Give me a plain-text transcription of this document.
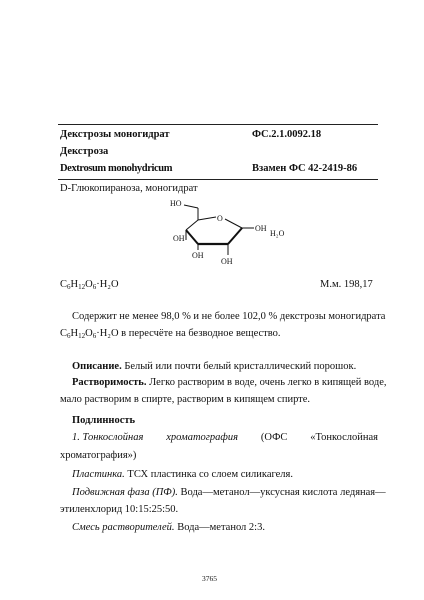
Декстрозы моногидрат	ФС.2.1.0092.18
Декстроза
Dextrosum monohydricum	Взамен ФС 42-2419-86
D-Глюкопираноза, моногидрат
HO
O
OH
OH
OH
OH
H₂O
$C_6H_{12}O_6\cdot H_2O$	М.м. 198,17
Содержит не менее 98,0 % и не более 102,0 % декстрозы моногидрата
$C_6H_{12}O_6\cdot H_2O$ в пересчёте на безводное вещество.
Описание. Белый или почти белый кристаллический порошок.
Растворимость. Легко растворим в воде, очень легко в кипящей воде,
мало растворим в спирте, растворим в кипящем спирте.
Подлинность
1. Тонкослойная хроматография (ОФС «Тонкослойная
хроматография»)
Пластинка. ТСХ пластинка со слоем силикагеля.
Подвижная фаза (ПФ). Вода—метанол—уксусная кислота ледяная—
этиленхлорид 10:15:25:50.
Смесь растворителей. Вода—метанол 2:3.
3765
